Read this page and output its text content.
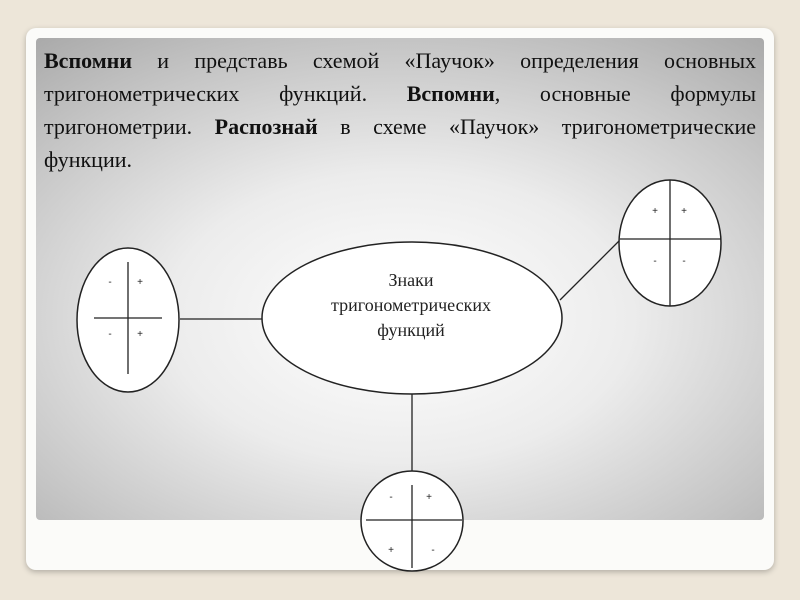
Вспомни и представь схемой «Паучок» определения основных тригонометрических функций. Вспомни, основные формулы тригонометрии. Распознай в схеме «Паучок» тригонометрические функции.
Знаки
тригонометрических
функций
-	+
-	+
+	+
-	-
-	+
+	-
